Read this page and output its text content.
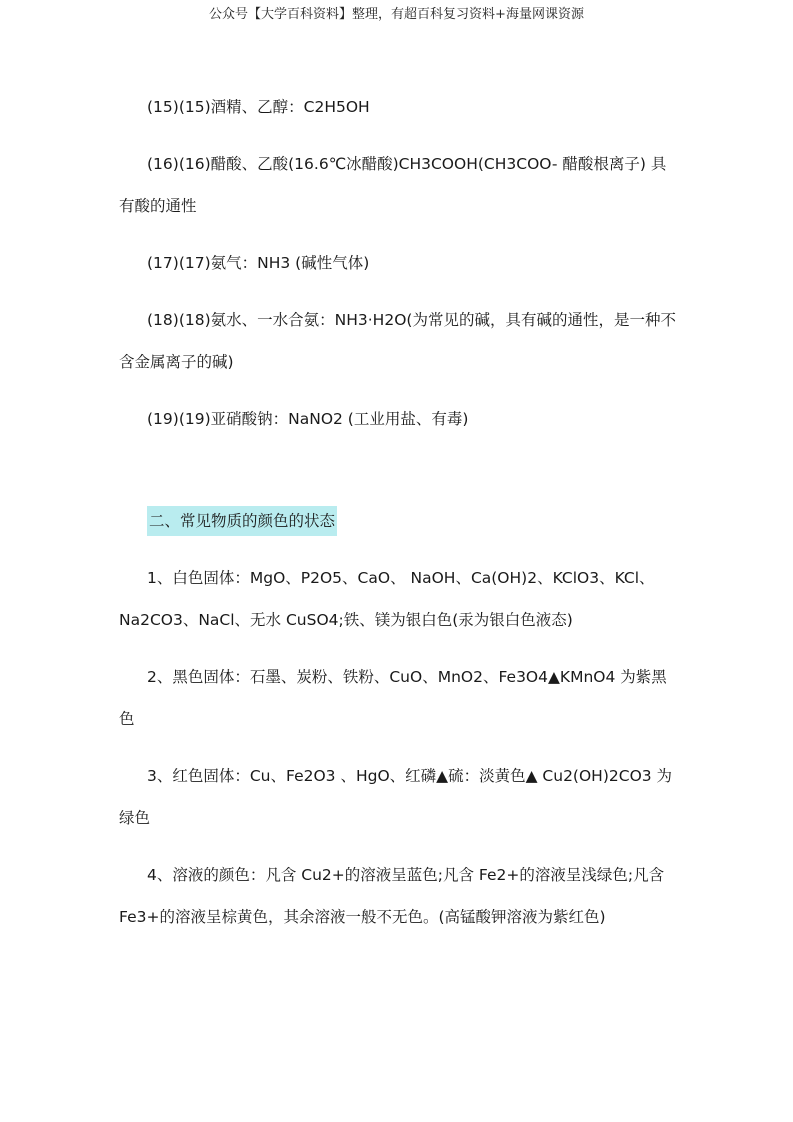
公众号【大学百科资料】整理，有超百科复习资料+海量网课资源

(15)(15)酒精、乙醇：C2H5OH

(16)(16)醋酸、乙酸(16.6℃冰醋酸)CH3COOH(CH3COO- 醋酸根离子) 具有酸的通性

(17)(17)氨气：NH3 (碱性气体)

(18)(18)氨水、一水合氨：NH3·H2O(为常见的碱，具有碱的通性，是一种不含金属离子的碱)

(19)(19)亚硝酸钠：NaNO2 (工业用盐、有毒)

二、常见物质的颜色的状态

1、白色固体：MgO、P2O5、CaO、 NaOH、Ca(OH)2、KClO3、KCl、Na2CO3、NaCl、无水 CuSO4;铁、镁为银白色(汞为银白色液态)

2、黑色固体：石墨、炭粉、铁粉、CuO、MnO2、Fe3O4▲KMnO4 为紫黑色

3、红色固体：Cu、Fe2O3 、HgO、红磷▲硫：淡黄色▲ Cu2(OH)2CO3 为绿色

4、溶液的颜色：凡含 Cu2+的溶液呈蓝色;凡含 Fe2+的溶液呈浅绿色;凡含 Fe3+的溶液呈棕黄色，其余溶液一般不无色。(高锰酸钾溶液为紫红色)
